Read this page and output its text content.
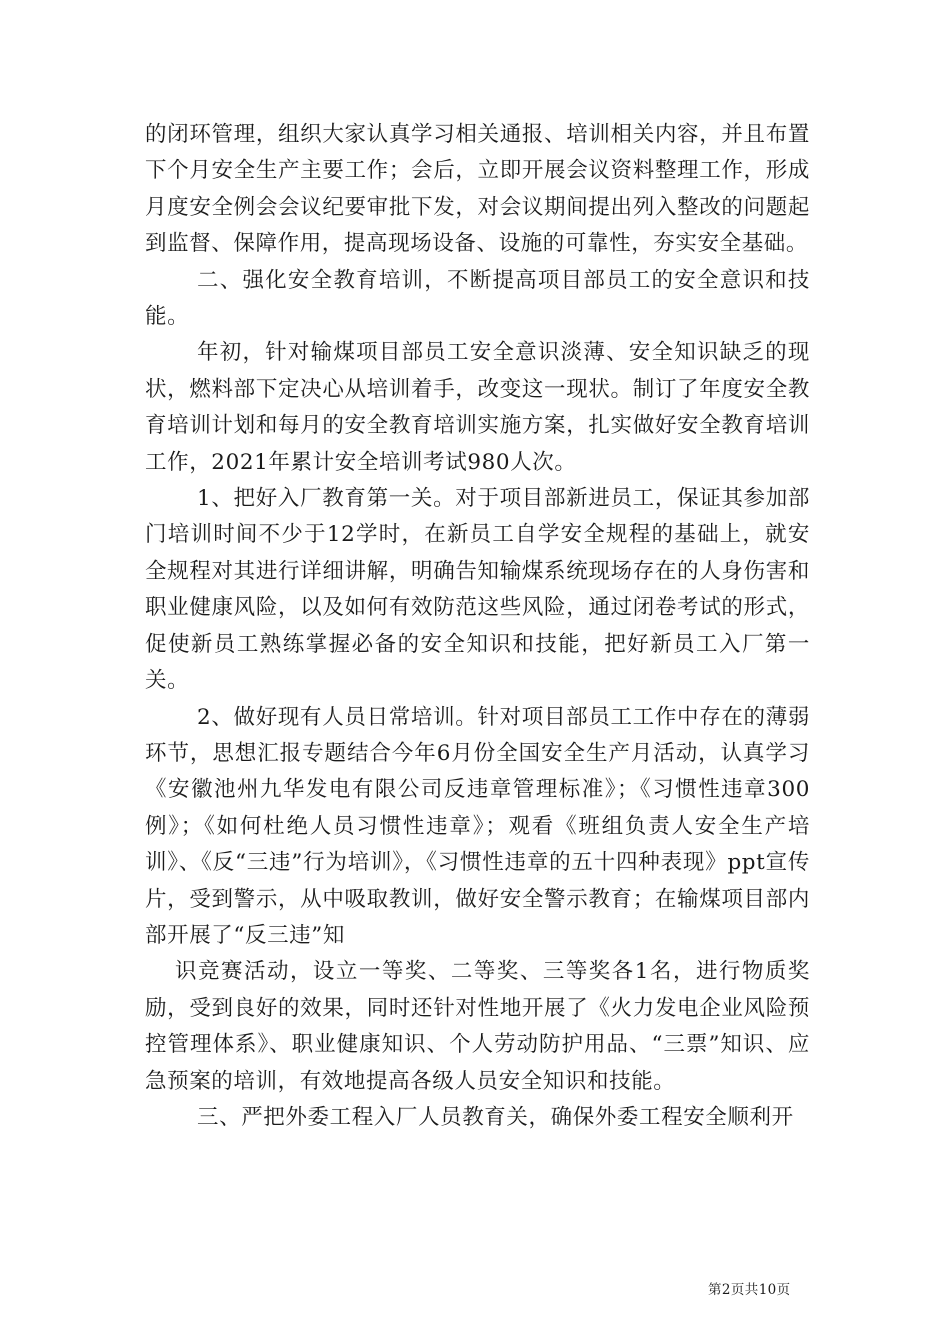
的闭环管理，组织大家认真学习相关通报、培训相关内容，并且布置下个月安全生产主要工作；会后，立即开展会议资料整理工作，形成月度安全例会会议纪要审批下发，对会议期间提出列入整改的问题起到监督、保障作用，提高现场设备、设施的可靠性，夯实安全基础。

二、强化安全教育培训，不断提高项目部员工的安全意识和技能。

年初，针对输煤项目部员工安全意识淡薄、安全知识缺乏的现状，燃料部下定决心从培训着手，改变这一现状。制订了年度安全教育培训计划和每月的安全教育培训实施方案，扎实做好安全教育培训工作，2021年累计安全培训考试980人次。

1、把好入厂教育第一关。对于项目部新进员工，保证其参加部门培训时间不少于12学时，在新员工自学安全规程的基础上，就安全规程对其进行详细讲解，明确告知输煤系统现场存在的人身伤害和职业健康风险，以及如何有效防范这些风险，通过闭卷考试的形式，促使新员工熟练掌握必备的安全知识和技能，把好新员工入厂第一关。

2、做好现有人员日常培训。针对项目部员工工作中存在的薄弱环节，思想汇报专题结合今年6月份全国安全生产月活动，认真学习《安徽池州九华发电有限公司反违章管理标准》；《习惯性违章300例》；《如何杜绝人员习惯性违章》；观看《班组负责人安全生产培训》、《反“三违”行为培训》，《习惯性违章的五十四种表现》ppt宣传片，受到警示，从中吸取教训，做好安全警示教育；在输煤项目部内部开展了“反三违”知

识竞赛活动，设立一等奖、二等奖、三等奖各1名，进行物质奖励，受到良好的效果，同时还针对性地开展了《火力发电企业风险预控管理体系》、职业健康知识、个人劳动防护用品、“三票”知识、应急预案的培训，有效地提高各级人员安全知识和技能。

三、严把外委工程入厂人员教育关，确保外委工程安全顺利开

第2页共10页
